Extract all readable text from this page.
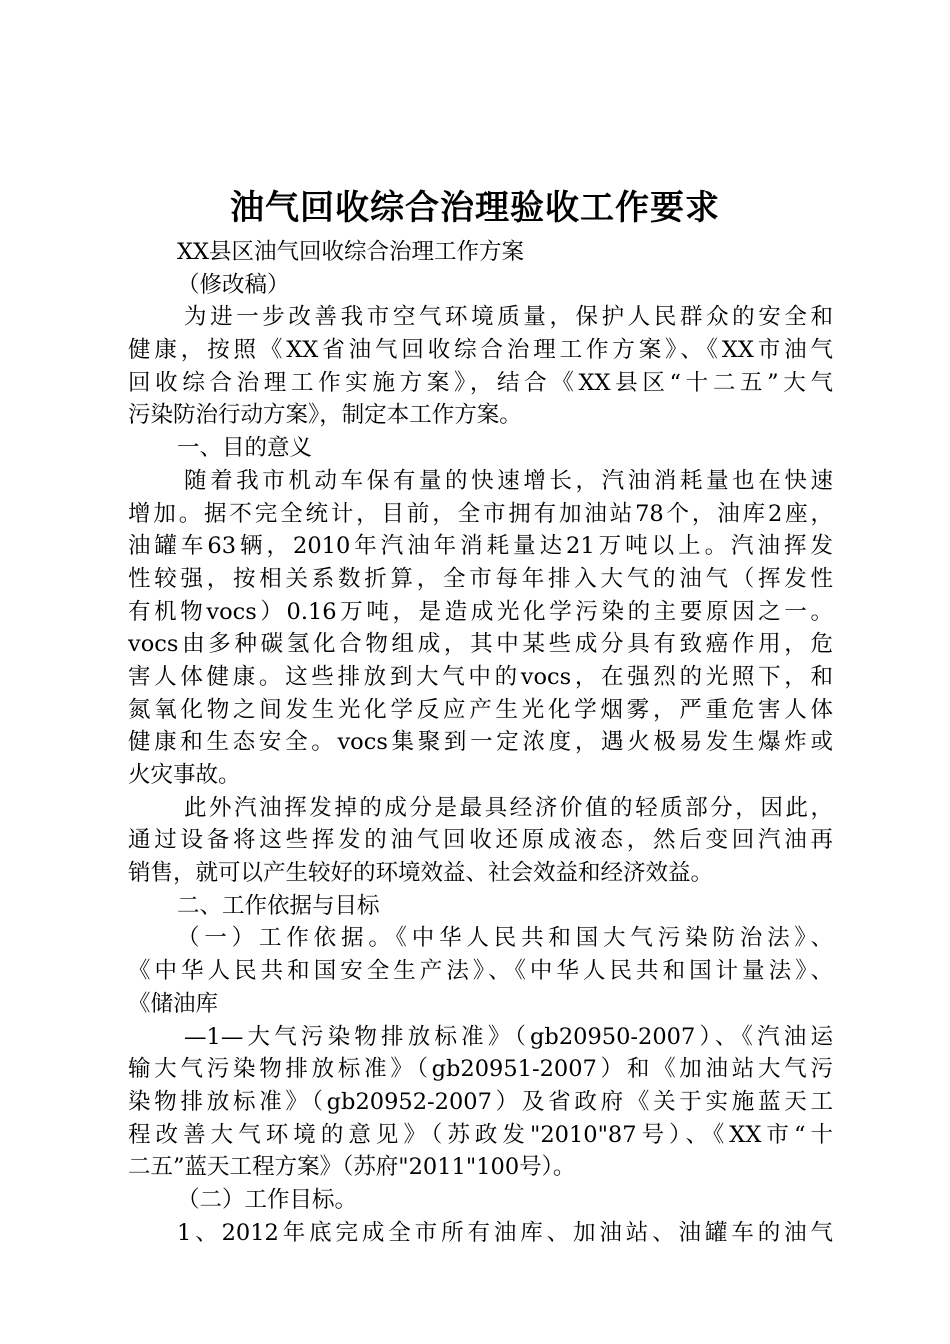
油气回收综合治理验收工作要求
XX县区油气回收综合治理工作方案
（修改稿）
为进一步改善我市空气环境质量，保护人民群众的安全和
健康，按照《XX省油气回收综合治理工作方案》、《XX市油气
回收综合治理工作实施方案》，结合《XX县区“十二五”大气
污染防治行动方案》，制定本工作方案。
一、目的意义
随着我市机动车保有量的快速增长，汽油消耗量也在快速
增加。据不完全统计，目前，全市拥有加油站78个，油库2座，
油罐车63辆，2010年汽油年消耗量达21万吨以上。汽油挥发
性较强，按相关系数折算，全市每年排入大气的油气（挥发性
有机物vocs）0.16万吨，是造成光化学污染的主要原因之一。
vocs由多种碳氢化合物组成，其中某些成分具有致癌作用，危
害人体健康。这些排放到大气中的vocs，在强烈的光照下，和
氮氧化物之间发生光化学反应产生光化学烟雾，严重危害人体
健康和生态安全。vocs集聚到一定浓度，遇火极易发生爆炸或
火灾事故。
此外汽油挥发掉的成分是最具经济价值的轻质部分，因此，
通过设备将这些挥发的油气回收还原成液态，然后变回汽油再
销售，就可以产生较好的环境效益、社会效益和经济效益。
二、工作依据与目标
（一）工作依据。《中华人民共和国大气污染防治法》、
《中华人民共和国安全生产法》、《中华人民共和国计量法》、
《储油库
—1—大气污染物排放标准》（gb20950-2007）、《汽油运
输大气污染物排放标准》（gb20951-2007）和《加油站大气污
染物排放标准》（gb20952-2007）及省政府《关于实施蓝天工
程改善大气环境的意见》（苏政发"2010"87号）、《XX市“十
二五”蓝天工程方案》（苏府"2011"100号）。
（二）工作目标。
1、2012年底完成全市所有油库、加油站、油罐车的油气
